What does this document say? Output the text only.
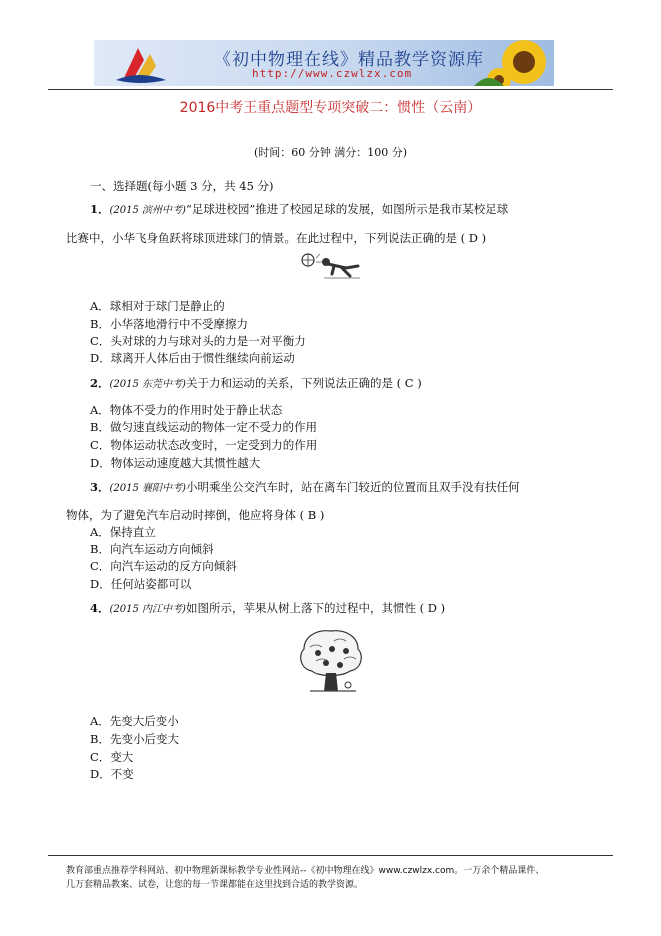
《初中物理在线》精品教学资源库
http://www.czwlzx.com
2016中考王重点题型专项突破二：惯性（云南）
(时间：60 分钟 满分：100 分)
一、选择题(每小题 3 分，共 45 分)
1．(2015 滨州中考)“足球进校园”推进了校园足球的发展，如图所示是我市某校足球
比赛中，小华飞身鱼跃将球顶进球门的情景。在此过程中，下列说法正确的是 ( D )
A．球相对于球门是静止的
B．小华落地滑行中不受摩擦力
C．头对球的力与球对头的力是一对平衡力
D．球离开人体后由于惯性继续向前运动
2．(2015 东莞中考)关于力和运动的关系，下列说法正确的是 ( C )
A．物体不受力的作用时处于静止状态
B．做匀速直线运动的物体一定不受力的作用
C．物体运动状态改变时，一定受到力的作用
D．物体运动速度越大其惯性越大
3．(2015 襄阳中考)小明乘坐公交汽车时，站在离车门较近的位置而且双手没有扶任何
物体，为了避免汽车启动时摔倒，他应将身体 ( B )
A．保持直立
B．向汽车运动方向倾斜
C．向汽车运动的反方向倾斜
D．任何站姿都可以
4．(2015 内江中考)如图所示，苹果从树上落下的过程中，其惯性 ( D )
A．先变大后变小
B．先变小后变大
C．变大
D．不变
教育部重点推荐学科网站、初中物理新课标教学专业性网站--《初中物理在线》www.czwlzx.com。一万余个精品课件、
几万套精品教案、试卷，让您的每一节课都能在这里找到合适的教学资源。
